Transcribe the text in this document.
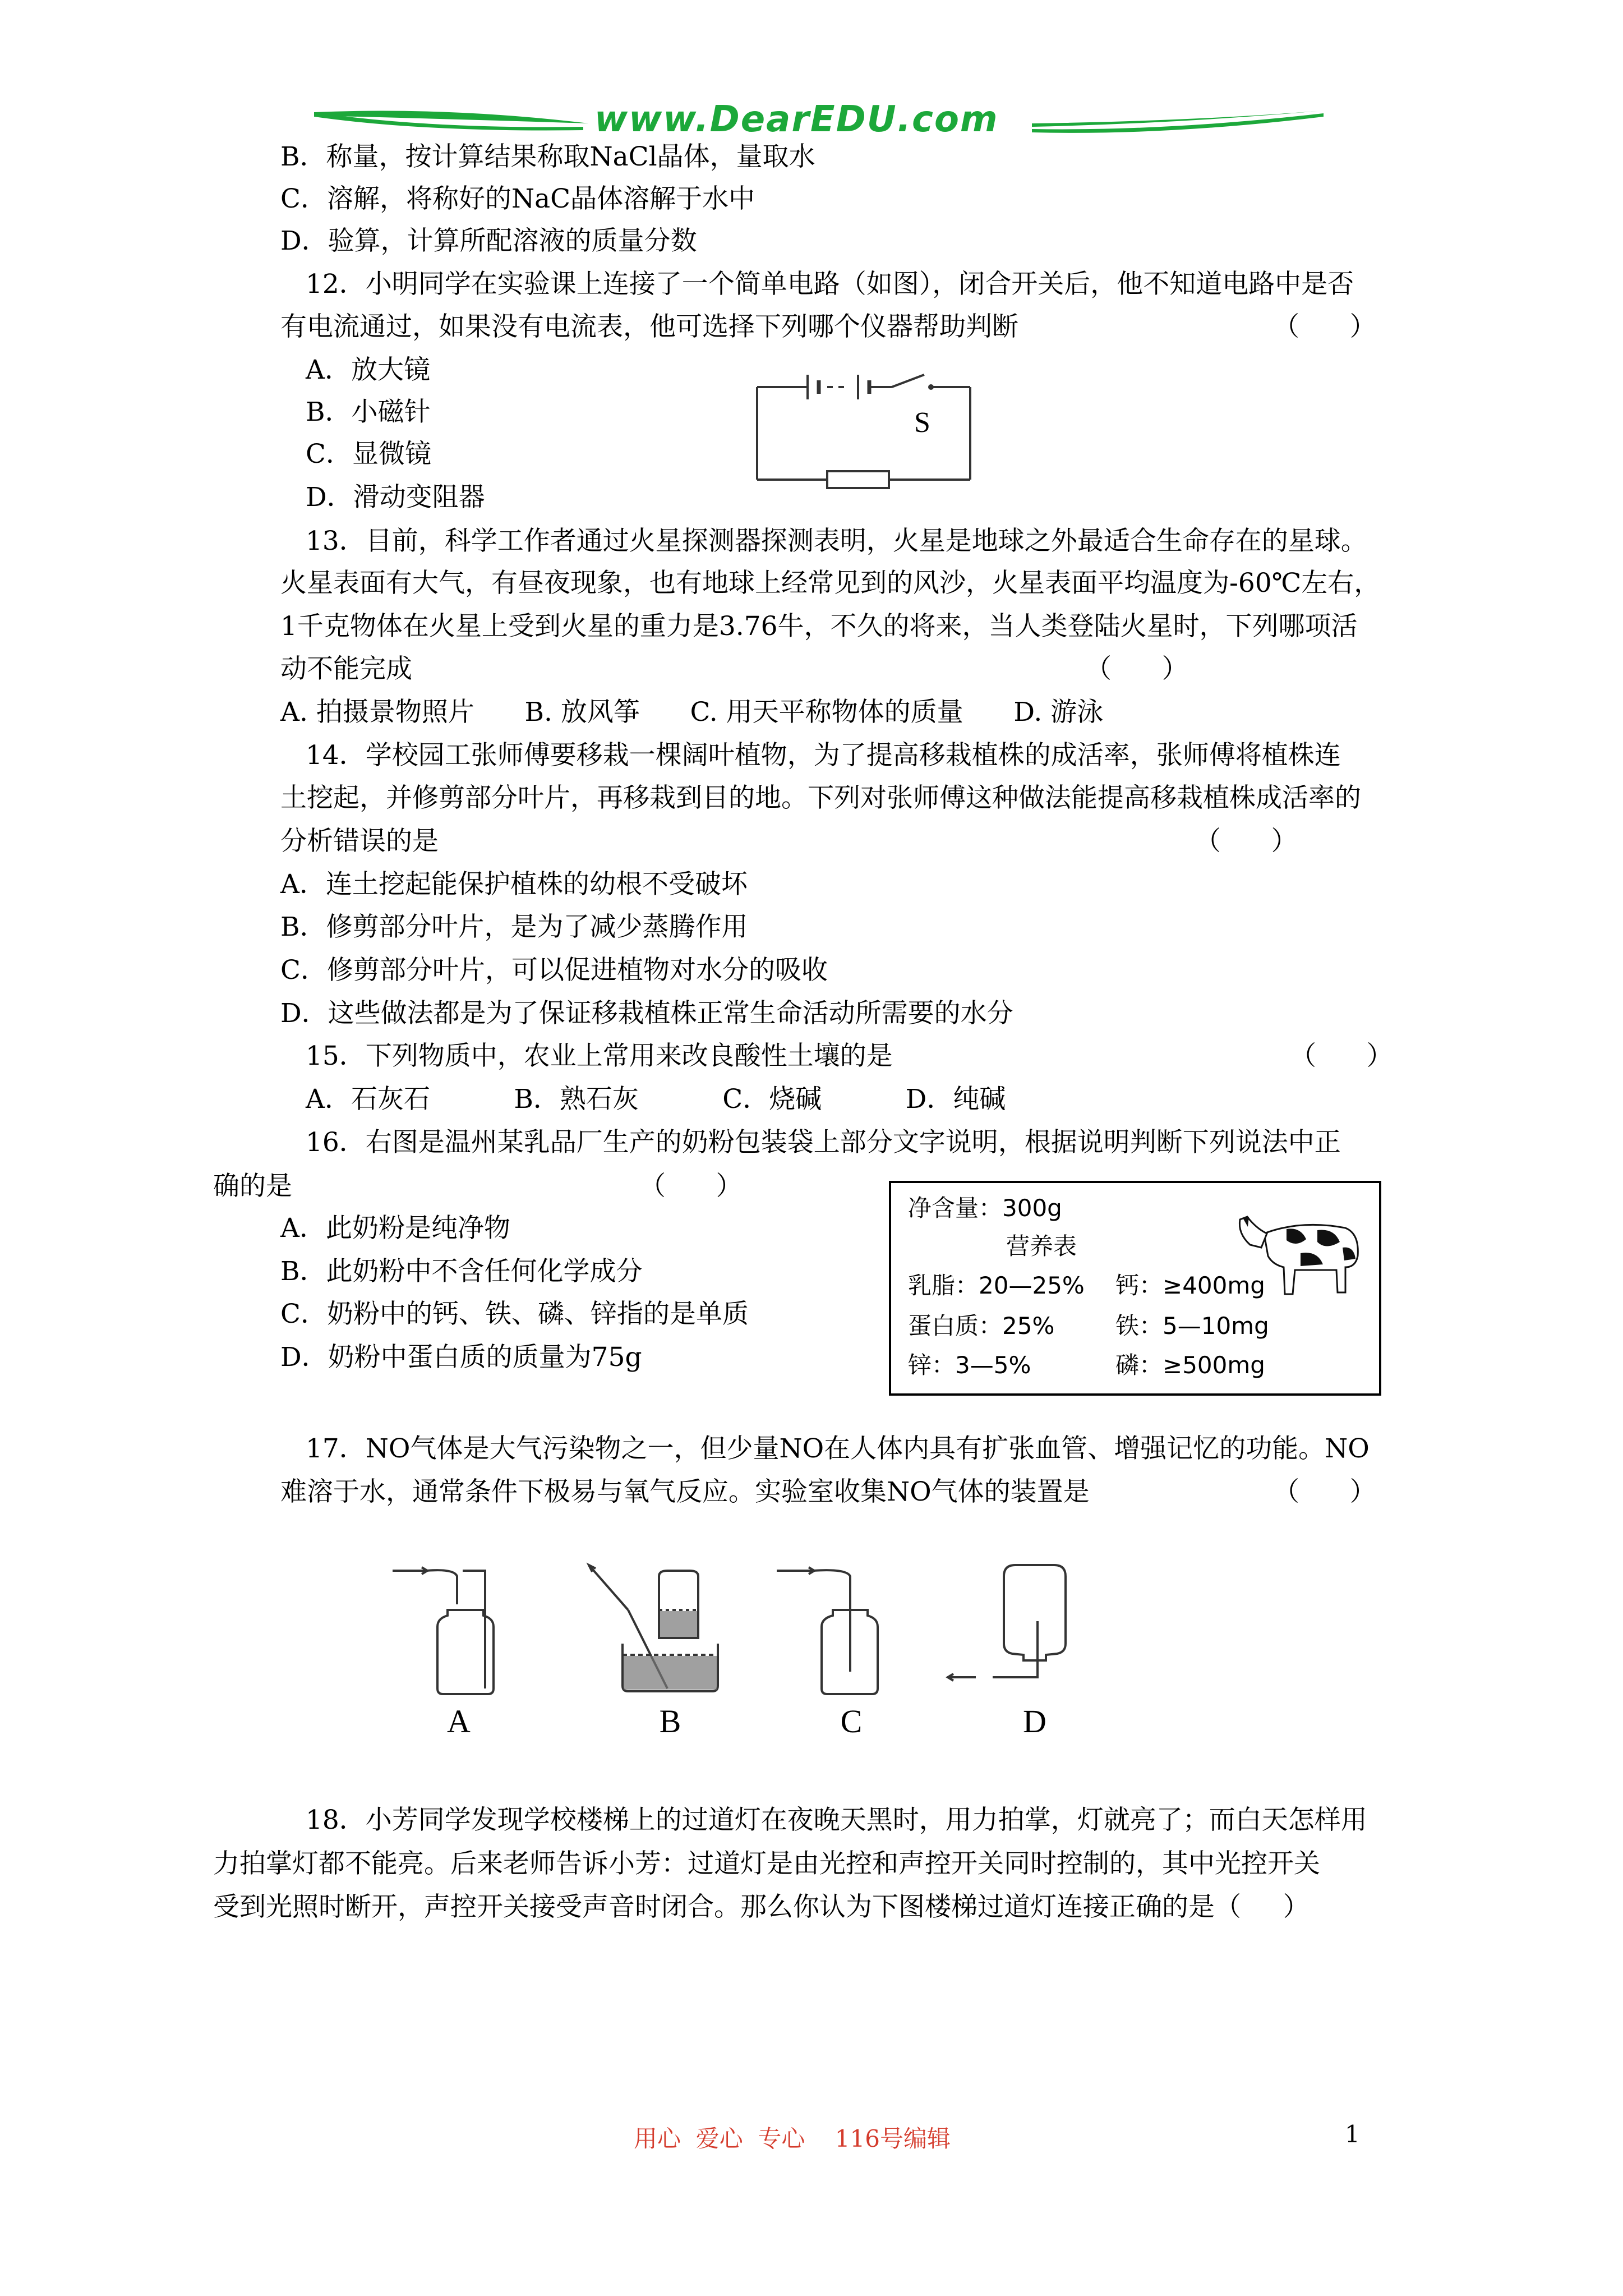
www.DearEDU.com
B．称量，按计算结果称取NaCl晶体，量取水
C．溶解，将称好的NaC晶体溶解于水中
D．验算，计算所配溶液的质量分数
12．小明同学在实验课上连接了一个简单电路（如图），闭合开关后，他不知道电路中是否
有电流通过，如果没有电流表，他可选择下列哪个仪器帮助判断	（      ）
A．放大镜
B．小磁针
C．显微镜
D．滑动变阻器
S
13．目前，科学工作者通过火星探测器探测表明，火星是地球之外最适合生命存在的星球。
火星表面有大气，有昼夜现象，也有地球上经常见到的风沙，火星表面平均温度为-60℃左右，
1千克物体在火星上受到火星的重力是3.76牛，不久的将来，当人类登陆火星时，下列哪项活
动不能完成	（      ）
A. 拍摄景物照片      B. 放风筝      C. 用天平称物体的质量      D. 游泳
14．学校园工张师傅要移栽一棵阔叶植物，为了提高移栽植株的成活率，张师傅将植株连
土挖起，并修剪部分叶片，再移栽到目的地。下列对张师傅这种做法能提高移栽植株成活率的
分析错误的是	（      ）
A．连土挖起能保护植株的幼根不受破坏
B．修剪部分叶片，是为了减少蒸腾作用
C．修剪部分叶片，可以促进植物对水分的吸收
D．这些做法都是为了保证移栽植株正常生命活动所需要的水分
15．下列物质中，农业上常用来改良酸性土壤的是	（      ）
A．石灰石          B．熟石灰          C．烧碱          D．纯碱
16．右图是温州某乳品厂生产的奶粉包装袋上部分文字说明，根据说明判断下列说法中正
确的是	（      ）
A．此奶粉是纯净物
B．此奶粉中不含任何化学成分
C．奶粉中的钙、铁、磷、锌指的是单质
D．奶粉中蛋白质的质量为75g
净含量：300g
营养表
乳脂：20—25% 钙：≥400mg
蛋白质：25%	铁：5—10mg
锌：3—5%	磷：≥500mg
17．NO气体是大气污染物之一，但少量NO在人体内具有扩张血管、增强记忆的功能。NO
难溶于水，通常条件下极易与氧气反应。实验室收集NO气体的装置是	（      ）
A	B	C	D
18．小芳同学发现学校楼梯上的过道灯在夜晚天黑时，用力拍掌，灯就亮了；而白天怎样用
力拍掌灯都不能亮。后来老师告诉小芳：过道灯是由光控和声控开关同时控制的，其中光控开关
受到光照时断开，声控开关接受声音时闭合。那么你认为下图楼梯过道灯连接正确的是（     ）
用心  爱心  专心    116号编辑	1
